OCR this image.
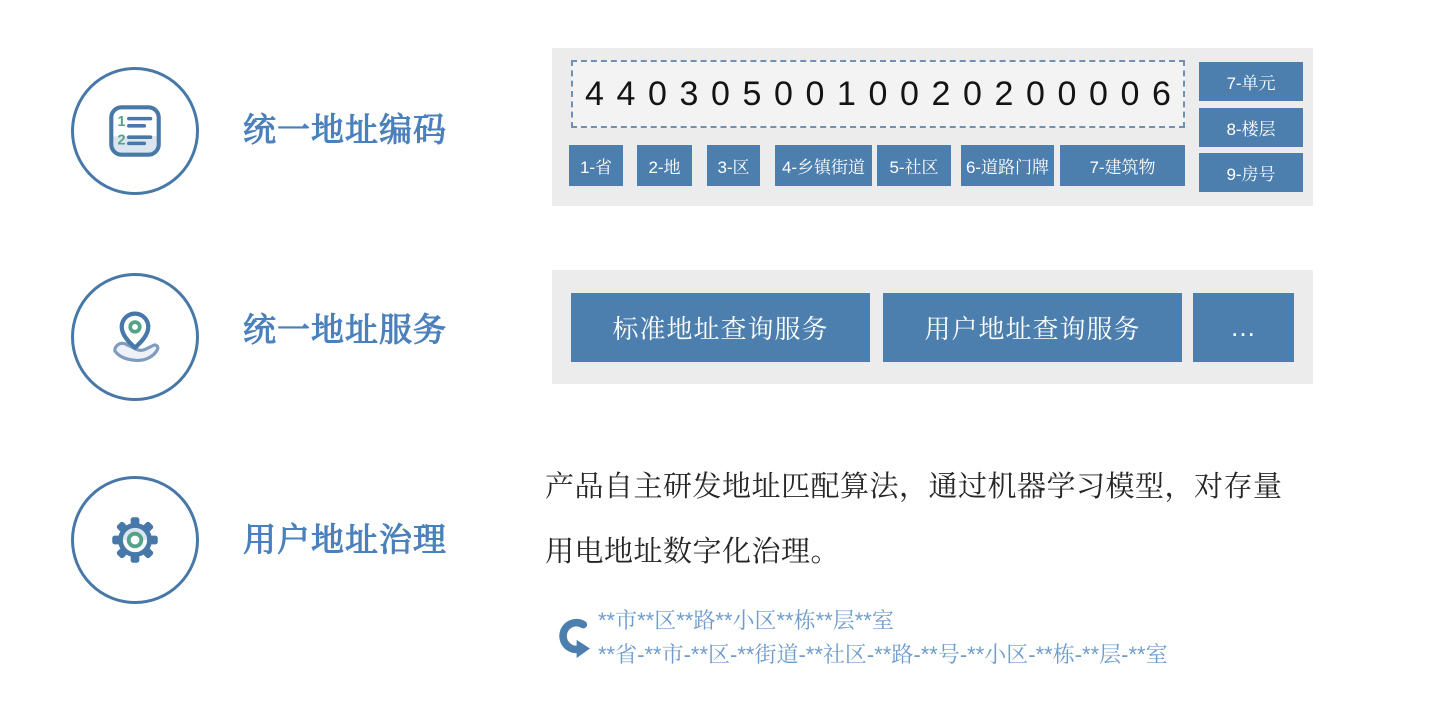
1
2	统一地址编码
统一地址服务
用户地址治理
4 4 0 3 0 5 0 0 1 0 0 2 0 2 0 0 0 0 6
1-省	2-地	3-区	4-乡镇街道	5-社区	6-道路门牌	7-建筑物
7-单元
8-楼层
9-房号
标准地址查询服务	用户地址查询服务	...
产品自主研发地址匹配算法，通过机器学习模型，对存量
用电地址数字化治理。
**市**区**路**小区**栋**层**室
**省-**市-**区-**街道-**社区-**路-**号-**小区-**栋-**层-**室
